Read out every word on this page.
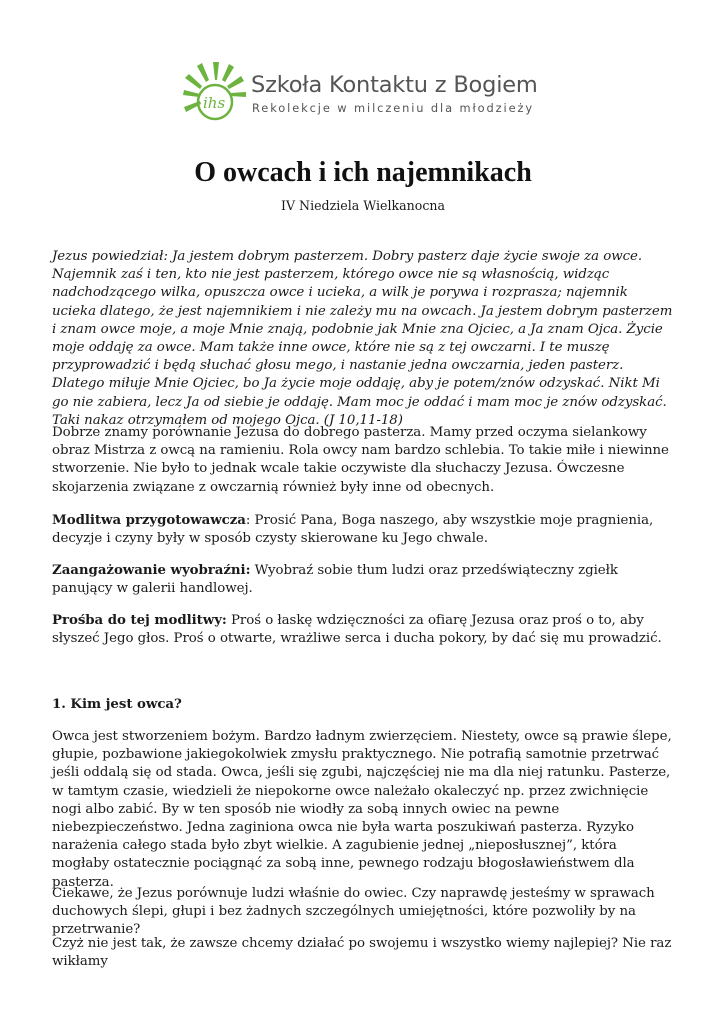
ihs
Szkoła Kontaktu z Bogiem
Rekolekcje w milczeniu dla młodzieży
O owcach i ich najemnikach

IV Niedziela Wielkanocna

Jezus powiedział: Ja jestem dobrym pasterzem. Dobry pasterz daje życie swoje za owce. Najemnik zaś i ten, kto nie jest pasterzem, którego owce nie są własnością, widząc nadchodzącego wilka, opuszcza owce i ucieka, a wilk je porywa i rozprasza; najemnik ucieka dlatego, że jest najemnikiem i nie zależy mu na owcach. Ja jestem dobrym pasterzem i znam owce moje, a moje Mnie znają, podobnie jak Mnie zna Ojciec, a Ja znam Ojca. Życie moje oddaję za owce. Mam także inne owce, które nie są z tej owczarni. I te muszę przyprowadzić i będą słuchać głosu mego, i nastanie jedna owczarnia, jeden pasterz. Dlatego miłuje Mnie Ojciec, bo Ja życie moje oddaję, aby je potem/znów odzyskać. Nikt Mi go nie zabiera, lecz Ja od siebie je oddaję. Mam moc je oddać i mam moc je znów odzyskać. Taki nakaz otrzymałem od mojego Ojca. (J 10,11-18)

Dobrze znamy porównanie Jezusa do dobrego pasterza. Mamy przed oczyma sielankowy obraz Mistrza z owcą na ramieniu. Rola owcy nam bardzo schlebia. To takie miłe i niewinne stworzenie. Nie było to jednak wcale takie oczywiste dla słuchaczy Jezusa. Ówczesne skojarzenia związane z owczarnią również były inne od obecnych.

Modlitwa przygotowawcza: Prosić Pana, Boga naszego, aby wszystkie moje pragnienia, decyzje i czyny były w sposób czysty skierowane ku Jego chwale.

Zaangażowanie wyobraźni: Wyobraź sobie tłum ludzi oraz przedświąteczny zgiełk panujący w galerii handlowej.

Prośba do tej modlitwy: Proś o łaskę wdzięczności za ofiarę Jezusa oraz proś o to, aby słyszeć Jego głos. Proś o otwarte, wrażliwe serca i ducha pokory, by dać się mu prowadzić.

1. Kim jest owca?

Owca jest stworzeniem bożym. Bardzo ładnym zwierzęciem. Niestety, owce są prawie ślepe, głupie, pozbawione jakiegokolwiek zmysłu praktycznego. Nie potrafią samotnie przetrwać jeśli oddalą się od stada. Owca, jeśli się zgubi, najczęściej nie ma dla niej ratunku. Pasterze, w tamtym czasie, wiedzieli że niepokorne owce należało okaleczyć np. przez zwichnięcie nogi albo zabić. By w ten sposób nie wiodły za sobą innych owiec na pewne niebezpieczeństwo. Jedna zaginiona owca nie była warta poszukiwań pasterza. Ryzyko narażenia całego stada było zbyt wielkie. A zagubienie jednej „nieposłusznej”, która mogłaby ostatecznie pociągnąć za sobą inne, pewnego rodzaju błogosławieństwem dla pasterza.

Ciekawe, że Jezus porównuje ludzi właśnie do owiec. Czy naprawdę jesteśmy w sprawach duchowych ślepi, głupi i bez żadnych szczególnych umiejętności, które pozwoliły by na przetrwanie?

Czyż nie jest tak, że zawsze chcemy działać po swojemu i wszystko wiemy najlepiej? Nie raz wikłamy
